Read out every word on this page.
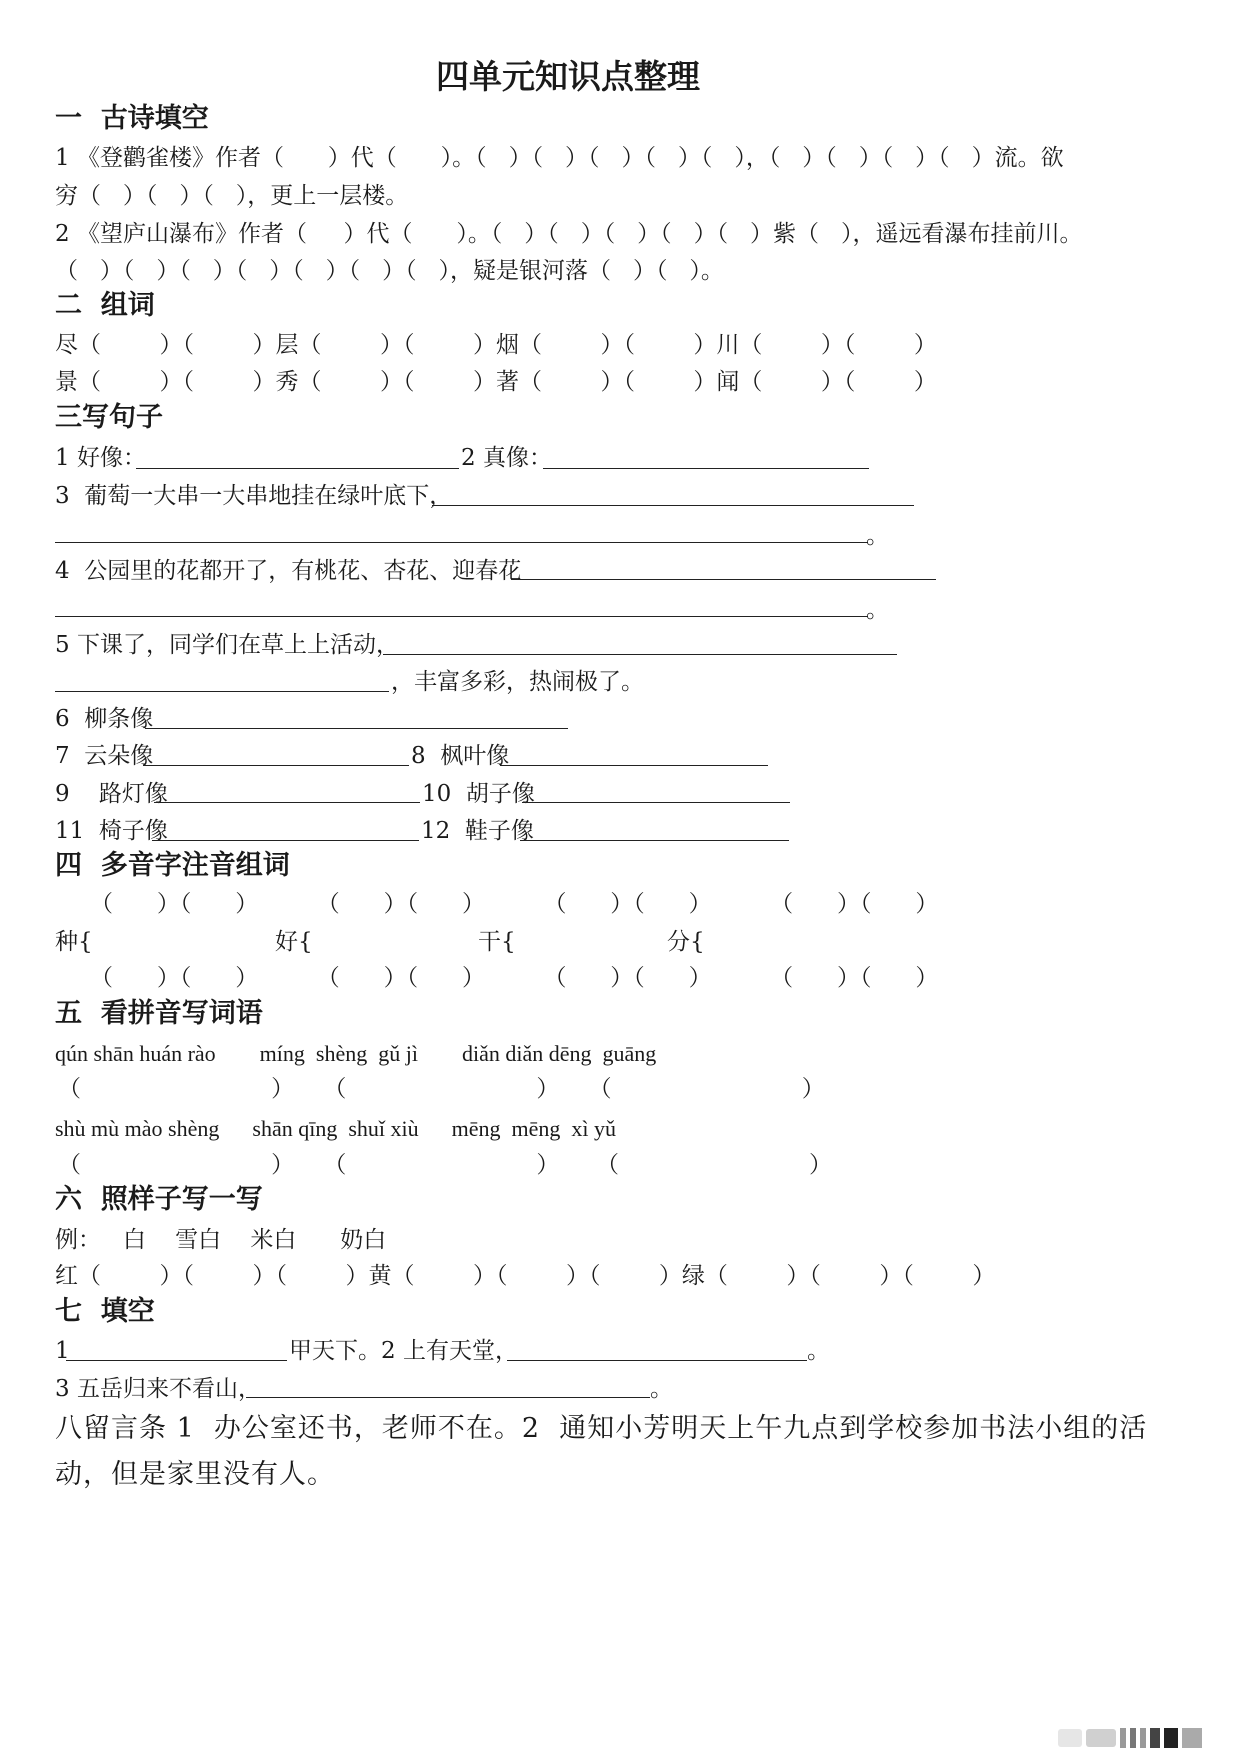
四单元知识点整理
一  古诗填空
1 《登鹳雀楼》作者（      ）代（      ）。（   ）（   ）（   ）（   ）（   ），（   ）（   ）（   ）（   ）流。欲
穷（   ）（   ）（   ），更上一层楼。
2 《望庐山瀑布》作者（     ）代（      ）。（   ）（   ）（   ）（   ）（   ）紫（   ），遥远看瀑布挂前川。
（   ）（   ）（   ）（   ）（   ）（   ）（   ），疑是银河落（   ）（   ）。
二  组词
尽（        ）（        ）层（        ）（        ）烟（        ）（        ）川（        ）（        ）
景（        ）（        ）秀（        ）（        ）著（        ）（        ）闻（        ）（        ）
三写句子
1 好像：	2 真像：
3  葡萄一大串一大串地挂在绿叶底下，
。
4  公园里的花都开了，有桃花、杏花、迎春花
。
5 下课了，同学们在草上上活动，
，丰富多彩，热闹极了。
6  柳条像
7  云朵像	8  枫叶像
9    路灯像	10  胡子像
11  椅子像	12  鞋子像
四  多音字注音组词
（      ）（      ）        （      ）（      ）        （      ）（      ）        （      ）（      ）
种{	好{	干{	分{
（      ）（      ）        （      ）（      ）        （      ）（      ）        （      ）（      ）
五  看拼音写词语
qún shān huán rào        míng  shèng  gǔ jì        diǎn diǎn dēng  guāng
（                          ）    （                          ）    （                          ）
shù mù mào shèng      shān qīng  shuǐ xiù      mēng  mēng  xì yǔ
（                          ）    （                          ）     （                          ）
六  照样子写一写
例：   白    雪白    米白      奶白
红（        ）（        ）（        ）黄（        ）（        ）（        ）绿（        ）（        ）（        ）
七  填空
1	甲天下。2 上有天堂，	。
3 五岳归来不看山，	。
八留言条 1  办公室还书，老师不在。2  通知小芳明天上午九点到学校参加书法小组的活
动，但是家里没有人。
